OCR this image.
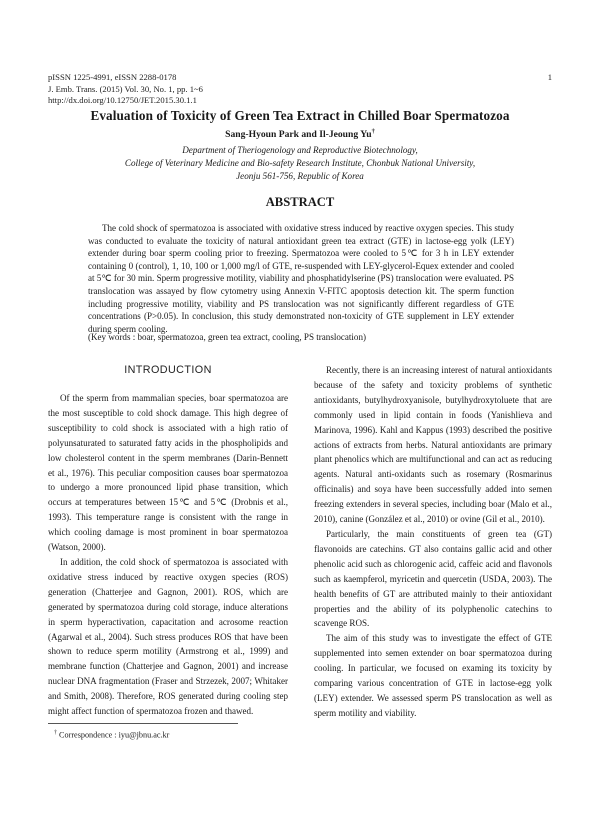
pISSN 1225-4991, eISSN 2288-0178
J. Emb. Trans. (2015) Vol. 30, No. 1, pp. 1~6
http://dx.doi.org/10.12750/JET.2015.30.1.1
1
Evaluation of Toxicity of Green Tea Extract in Chilled Boar Spermatozoa
Sang-Hyoun Park and Il-Jeoung Yu†
Department of Theriogenology and Reproductive Biotechnology,
College of Veterinary Medicine and Bio-safety Research Institute, Chonbuk National University,
Jeonju 561-756, Republic of Korea
ABSTRACT
The cold shock of spermatozoa is associated with oxidative stress induced by reactive oxygen species. This study was conducted to evaluate the toxicity of natural antioxidant green tea extract (GTE) in lactose-egg yolk (LEY) extender during boar sperm cooling prior to freezing. Spermatozoa were cooled to 5℃ for 3 h in LEY extender containing 0 (control), 1, 10, 100 or 1,000 mg/l of GTE, re-suspended with LEY-glycerol-Equex extender and cooled at 5℃ for 30 min. Sperm progressive motility, viability and phosphatidylserine (PS) translocation were evaluated. PS translocation was assayed by flow cytometry using Annexin V-FITC apoptosis detection kit. The sperm function including progressive motility, viability and PS translocation was not significantly different regardless of GTE concentrations (P>0.05). In conclusion, this study demonstrated non-toxicity of GTE supplement in LEY extender during sperm cooling.
(Key words : boar, spermatozoa, green tea extract, cooling, PS translocation)
INTRODUCTION

Of the sperm from mammalian species, boar spermatozoa are the most susceptible to cold shock damage. This high degree of susceptibility to cold shock is associated with a high ratio of polyunsaturated to saturated fatty acids in the phospholipids and low cholesterol content in the sperm membranes (Darin-Bennett et al., 1976). This peculiar composition causes boar spermatozoa to undergo a more pronounced lipid phase transition, which occurs at temperatures between 15℃ and 5℃ (Drobnis et al., 1993). This temperature range is consistent with the range in which cooling damage is most prominent in boar spermatozoa (Watson, 2000).

In addition, the cold shock of spermatozoa is associated with oxidative stress induced by reactive oxygen species (ROS) generation (Chatterjee and Gagnon, 2001). ROS, which are generated by spermatozoa during cold storage, induce alterations in sperm hyperactivation, capacitation and acrosome reaction (Agarwal et al., 2004). Such stress produces ROS that have been shown to reduce sperm motility (Armstrong et al., 1999) and membrane function (Chatterjee and Gagnon, 2001) and increase nuclear DNA fragmentation (Fraser and Strzezek, 2007; Whitaker and Smith, 2008). Therefore, ROS generated during cooling step might affect function of spermatozoa frozen and thawed.

Recently, there is an increasing interest of natural antioxidants because of the safety and toxicity problems of synthetic antioxidants, butylhydroxyanisole, butylhydroxytoluete that are commonly used in lipid contain in foods (Yanishlieva and Marinova, 1996). Kahl and Kappus (1993) described the positive actions of extracts from herbs. Natural antioxidants are primary plant phenolics which are multifunctional and can act as reducing agents. Natural anti-oxidants such as rosemary (Rosmarinus officinalis) and soya have been successfully added into semen freezing extenders in several species, including boar (Malo et al., 2010), canine (González et al., 2010) or ovine (Gil et al., 2010).

Particularly, the main constituents of green tea (GT) flavonoids are catechins. GT also contains gallic acid and other phenolic acid such as chlorogenic acid, caffeic acid and flavonols such as kaempferol, myricetin and quercetin (USDA, 2003). The health benefits of GT are attributed mainly to their antioxidant properties and the ability of its polyphenolic catechins to scavenge ROS.

The aim of this study was to investigate the effect of GTE supplemented into semen extender on boar spermatozoa during cooling. In particular, we focused on examing its toxicity by comparing various concentration of GTE in lactose-egg yolk (LEY) extender. We assessed sperm PS translocation as well as sperm motility and viability.

† Correspondence : iyu@jbnu.ac.kr
